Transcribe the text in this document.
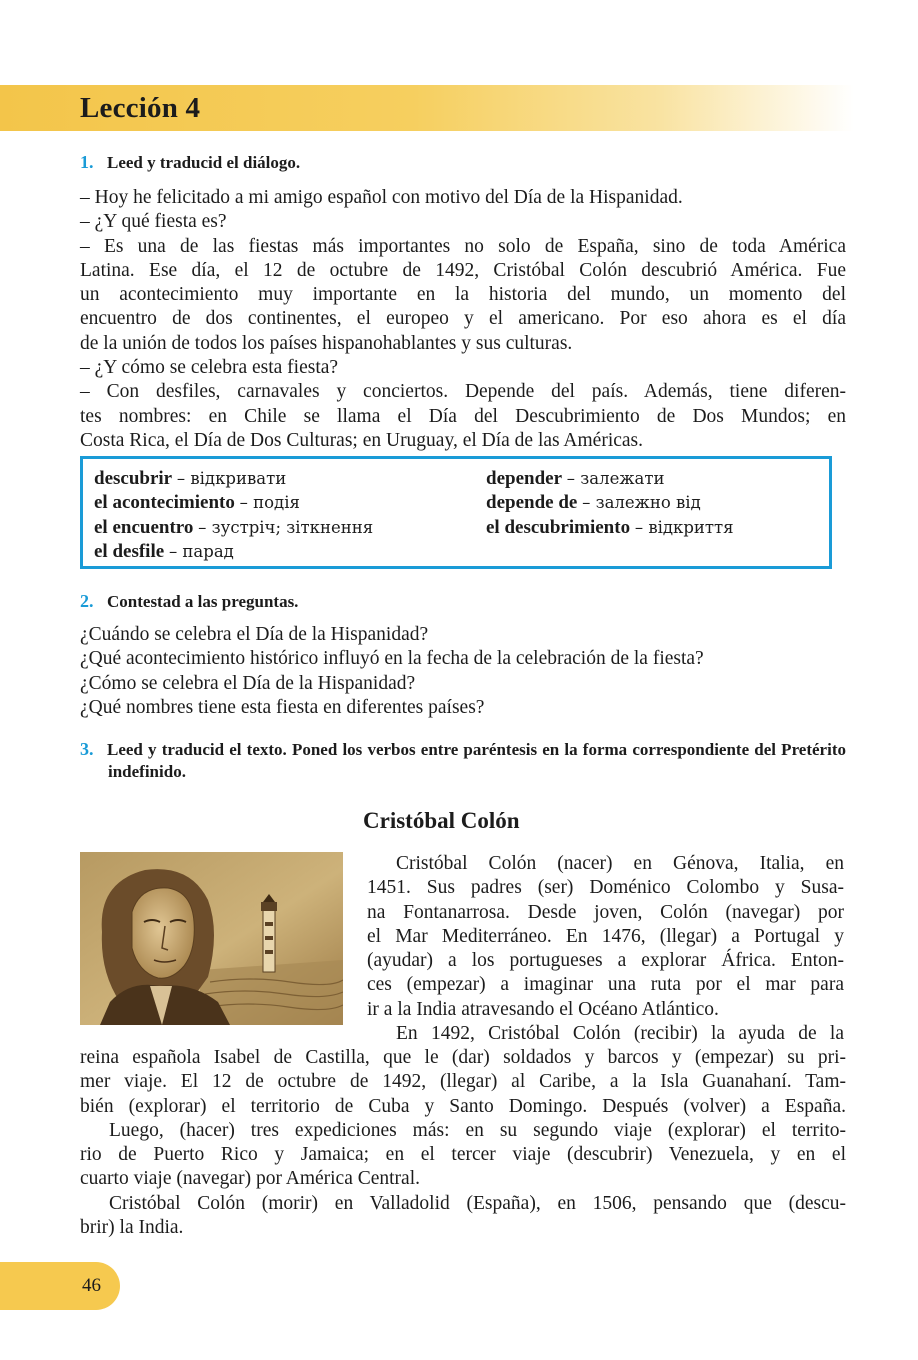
Lección 4
1. Leed y traducid el diálogo.
– Hoy he felicitado a mi amigo español con motivo del Día de la Hispanidad.
– ¿Y qué fiesta es?
– Es una de las fiestas más importantes no solo de España, sino de toda América
Latina. Ese día, el 12 de octubre de 1492, Cristóbal Colón descubrió América. Fue
un acontecimiento muy importante en la historia del mundo, un momento del
encuentro de dos continentes, el europeo y el americano. Por eso ahora es el día
de la unión de todos los países hispanohablantes y sus culturas.
– ¿Y cómo se celebra esta fiesta?
– Con desfiles, carnavales y conciertos. Depende del país. Además, tiene diferen-
tes nombres: en Chile se llama el Día del Descubrimiento de Dos Mundos; en
Costa Rica, el Día de Dos Culturas; en Uruguay, el Día de las Américas.
descubrir – відкривати
el acontecimiento – подія
el encuentro – зустріч; зіткнення
el desfile – парад
depender – залежати
depende de – залежно від
el descubrimiento – відкриття
2. Contestad a las preguntas.
¿Cuándo se celebra el Día de la Hispanidad?
¿Qué acontecimiento histórico influyó en la fecha de la celebración de la fiesta?
¿Cómo se celebra el Día de la Hispanidad?
¿Qué nombres tiene esta fiesta en diferentes países?
3. Leed y traducid el texto. Poned los verbos entre paréntesis en la forma correspondiente del Pretérito indefinido.
Cristóbal Colón
Cristóbal Colón (nacer) en Génova, Italia, en
1451. Sus padres (ser) Doménico Colombo y Susa-
na Fontanarrosa. Desde joven, Colón (navegar) por
el Mar Mediterráneo. En 1476, (llegar) a Portugal y
(ayudar) a los portugueses a explorar África. Enton-
ces (empezar) a imaginar una ruta por el mar para
ir a la India atravesando el Océano Atlántico.
En 1492, Cristóbal Colón (recibir) la ayuda de la
reina española Isabel de Castilla, que le (dar) soldados y barcos y (empezar) su pri-
mer viaje. El 12 de octubre de 1492, (llegar) al Caribe, a la Isla Guanahaní. Tam-
bién (explorar) el territorio de Cuba y Santo Domingo. Después (volver) a España.
Luego, (hacer) tres expediciones más: en su segundo viaje (explorar) el territo-
rio de Puerto Rico y Jamaica; en el tercer viaje (descubrir) Venezuela, y en el
cuarto viaje (navegar) por América Central.
Cristóbal Colón (morir) en Valladolid (España), en 1506, pensando que (descu-
brir) la India.
46
